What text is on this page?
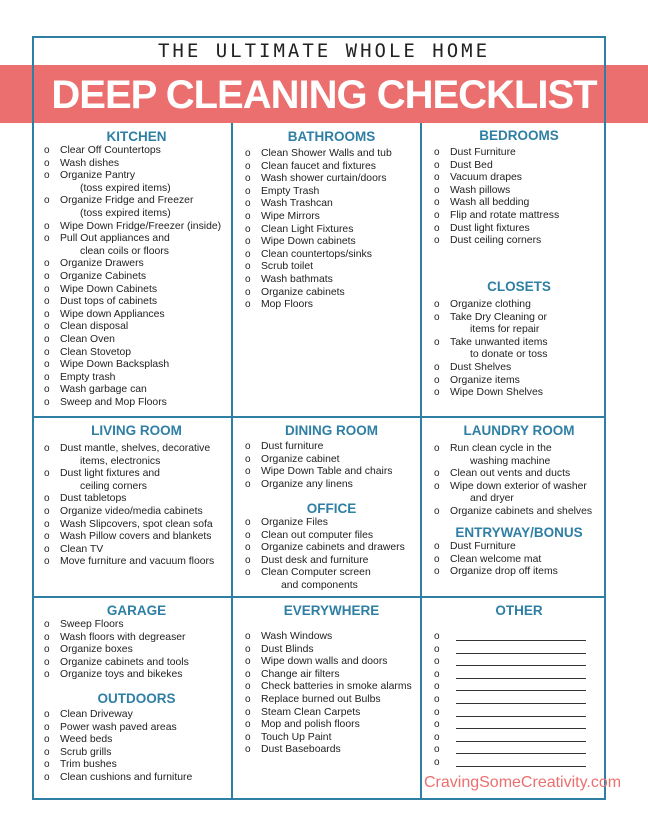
THE ULTIMATE WHOLE HOME
DEEP CLEANING CHECKLIST
KITCHEN
o Clear Off Countertops
o Wash dishes
o Organize Pantry
(toss expired items)
o Organize Fridge and Freezer
(toss expired items)
o Wipe Down Fridge/Freezer (inside)
o Pull Out appliances and
clean coils or floors
o Organize Drawers
o Organize Cabinets
o Wipe Down Cabinets
o Dust tops of cabinets
o Wipe down Appliances
o Clean disposal
o Clean Oven
o Clean Stovetop
o Wipe Down Backsplash
o Empty trash
o Wash garbage can
o Sweep and Mop Floors
BATHROOMS
o Clean Shower Walls and tub
o Clean faucet and fixtures
o Wash shower curtain/doors
o Empty Trash
o Wash Trashcan
o Wipe Mirrors
o Clean Light Fixtures
o Wipe Down cabinets
o Clean countertops/sinks
o Scrub toilet
o Wash bathmats
o Organize cabinets
o Mop Floors
BEDROOMS
o Dust Furniture
o Dust Bed
o Vacuum drapes
o Wash pillows
o Wash all bedding
o Flip and rotate mattress
o Dust light fixtures
o Dust ceiling corners
CLOSETS
o Organize clothing
o Take Dry Cleaning or
items for repair
o Take unwanted items
to donate or toss
o Dust Shelves
o Organize items
o Wipe Down Shelves
LIVING ROOM
o Dust mantle, shelves, decorative
items, electronics
o Dust light fixtures and
ceiling corners
o Dust tabletops
o Organize video/media cabinets
o Wash Slipcovers, spot clean sofa
o Wash Pillow covers and blankets
o Clean TV
o Move furniture and vacuum floors
DINING ROOM
o Dust furniture
o Organize cabinet
o Wipe Down Table and chairs
o Organize any linens
OFFICE
o Organize Files
o Clean out computer files
o Organize cabinets and drawers
o Dust desk and furniture
o Clean Computer screen
and components
LAUNDRY ROOM
o Run clean cycle in the
washing machine
o Clean out vents and ducts
o Wipe down exterior of washer
and dryer
o Organize cabinets and shelves
ENTRYWAY/BONUS
o Dust Furniture
o Clean welcome mat
o Organize drop off items
GARAGE
o Sweep Floors
o Wash floors with degreaser
o Organize boxes
o Organize cabinets and tools
o Organize toys and bikekes
OUTDOORS
o Clean Driveway
o Power wash paved areas
o Weed beds
o Scrub grills
o Trim bushes
o Clean cushions and furniture
EVERYWHERE
o Wash Windows
o Dust Blinds
o Wipe down walls and doors
o Change air filters
o Check batteries in smoke alarms
o Replace burned out Bulbs
o Steam Clean Carpets
o Mop and polish floors
o Touch Up Paint
o Dust Baseboards
OTHER
o
o
o
o
o
o
o
o
o
o
o
CravingSomeCreativity.com
